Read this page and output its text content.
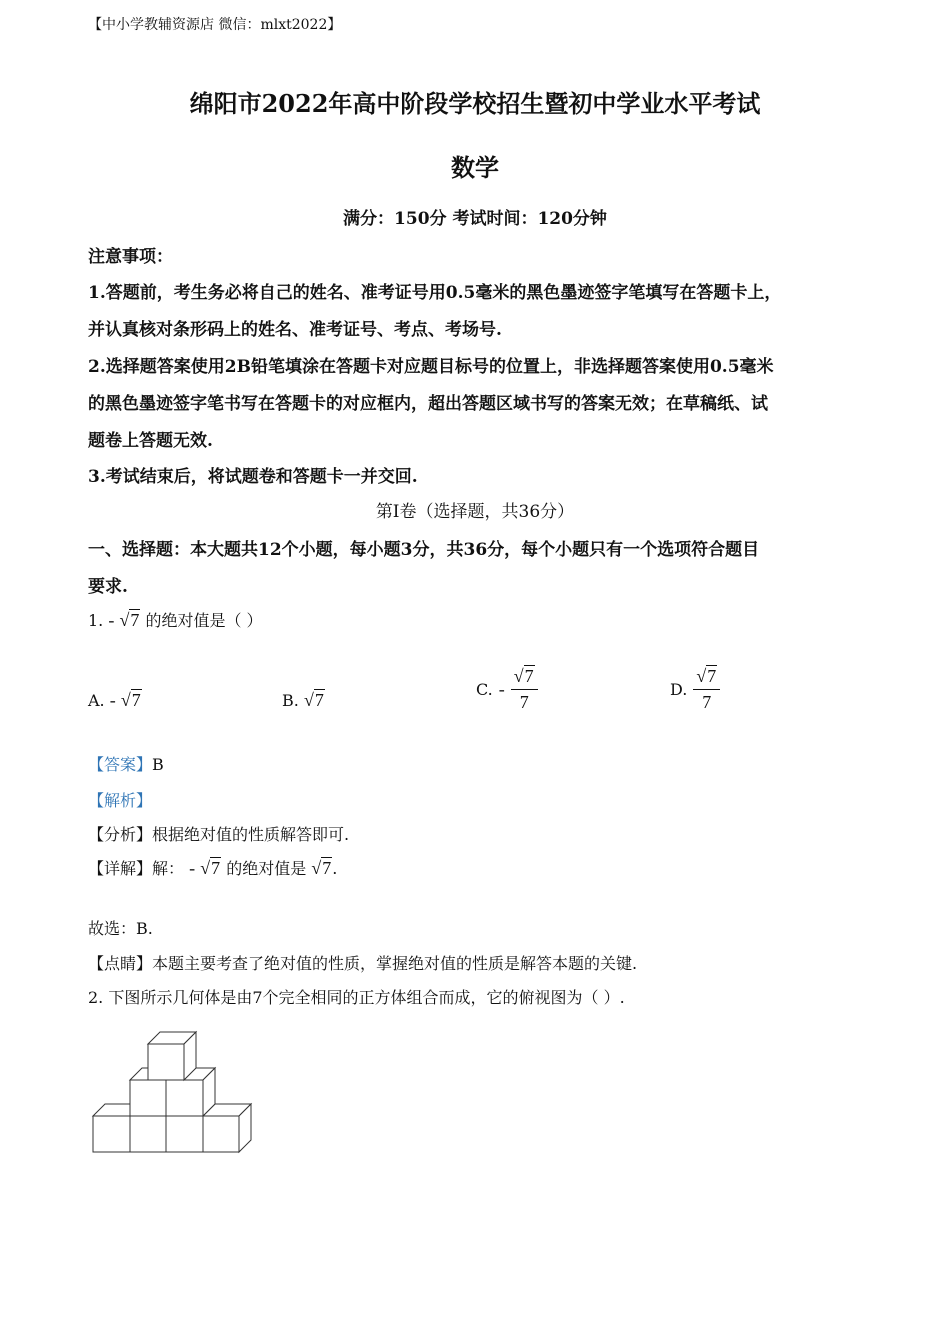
【中小学教辅资源店 微信：mlxt2022】
绵阳市2022年高中阶段学校招生暨初中学业水平考试
数学
满分：150分 考试时间：120分钟
注意事项：
1.答题前，考生务必将自己的姓名、准考证号用0.5毫米的黑色墨迹签字笔填写在答题卡上，
并认真核对条形码上的姓名、准考证号、考点、考场号.
2.选择题答案使用2B铅笔填涂在答题卡对应题目标号的位置上，非选择题答案使用0.5毫米
的黑色墨迹签字笔书写在答题卡的对应框内，超出答题区域书写的答案无效；在草稿纸、试
题卷上答题无效.
3.考试结束后，将试题卷和答题卡一并交回.
第Ⅰ卷（选择题，共36分）
一、选择题：本大题共12个小题，每小题3分，共36分，每个小题只有一个选项符合题目
要求.
1. - √7 的绝对值是（ ）
A. - √7	B. √7
C. - $\frac{√7}{7}$	D. $\frac{√7}{7}$
【答案】B
【解析】
【分析】根据绝对值的性质解答即可.
【详解】解： - √7 的绝对值是 √7.
故选：B.
【点睛】本题主要考查了绝对值的性质，掌握绝对值的性质是解答本题的关键.
2. 下图所示几何体是由7个完全相同的正方体组合而成，它的俯视图为（ ）.
